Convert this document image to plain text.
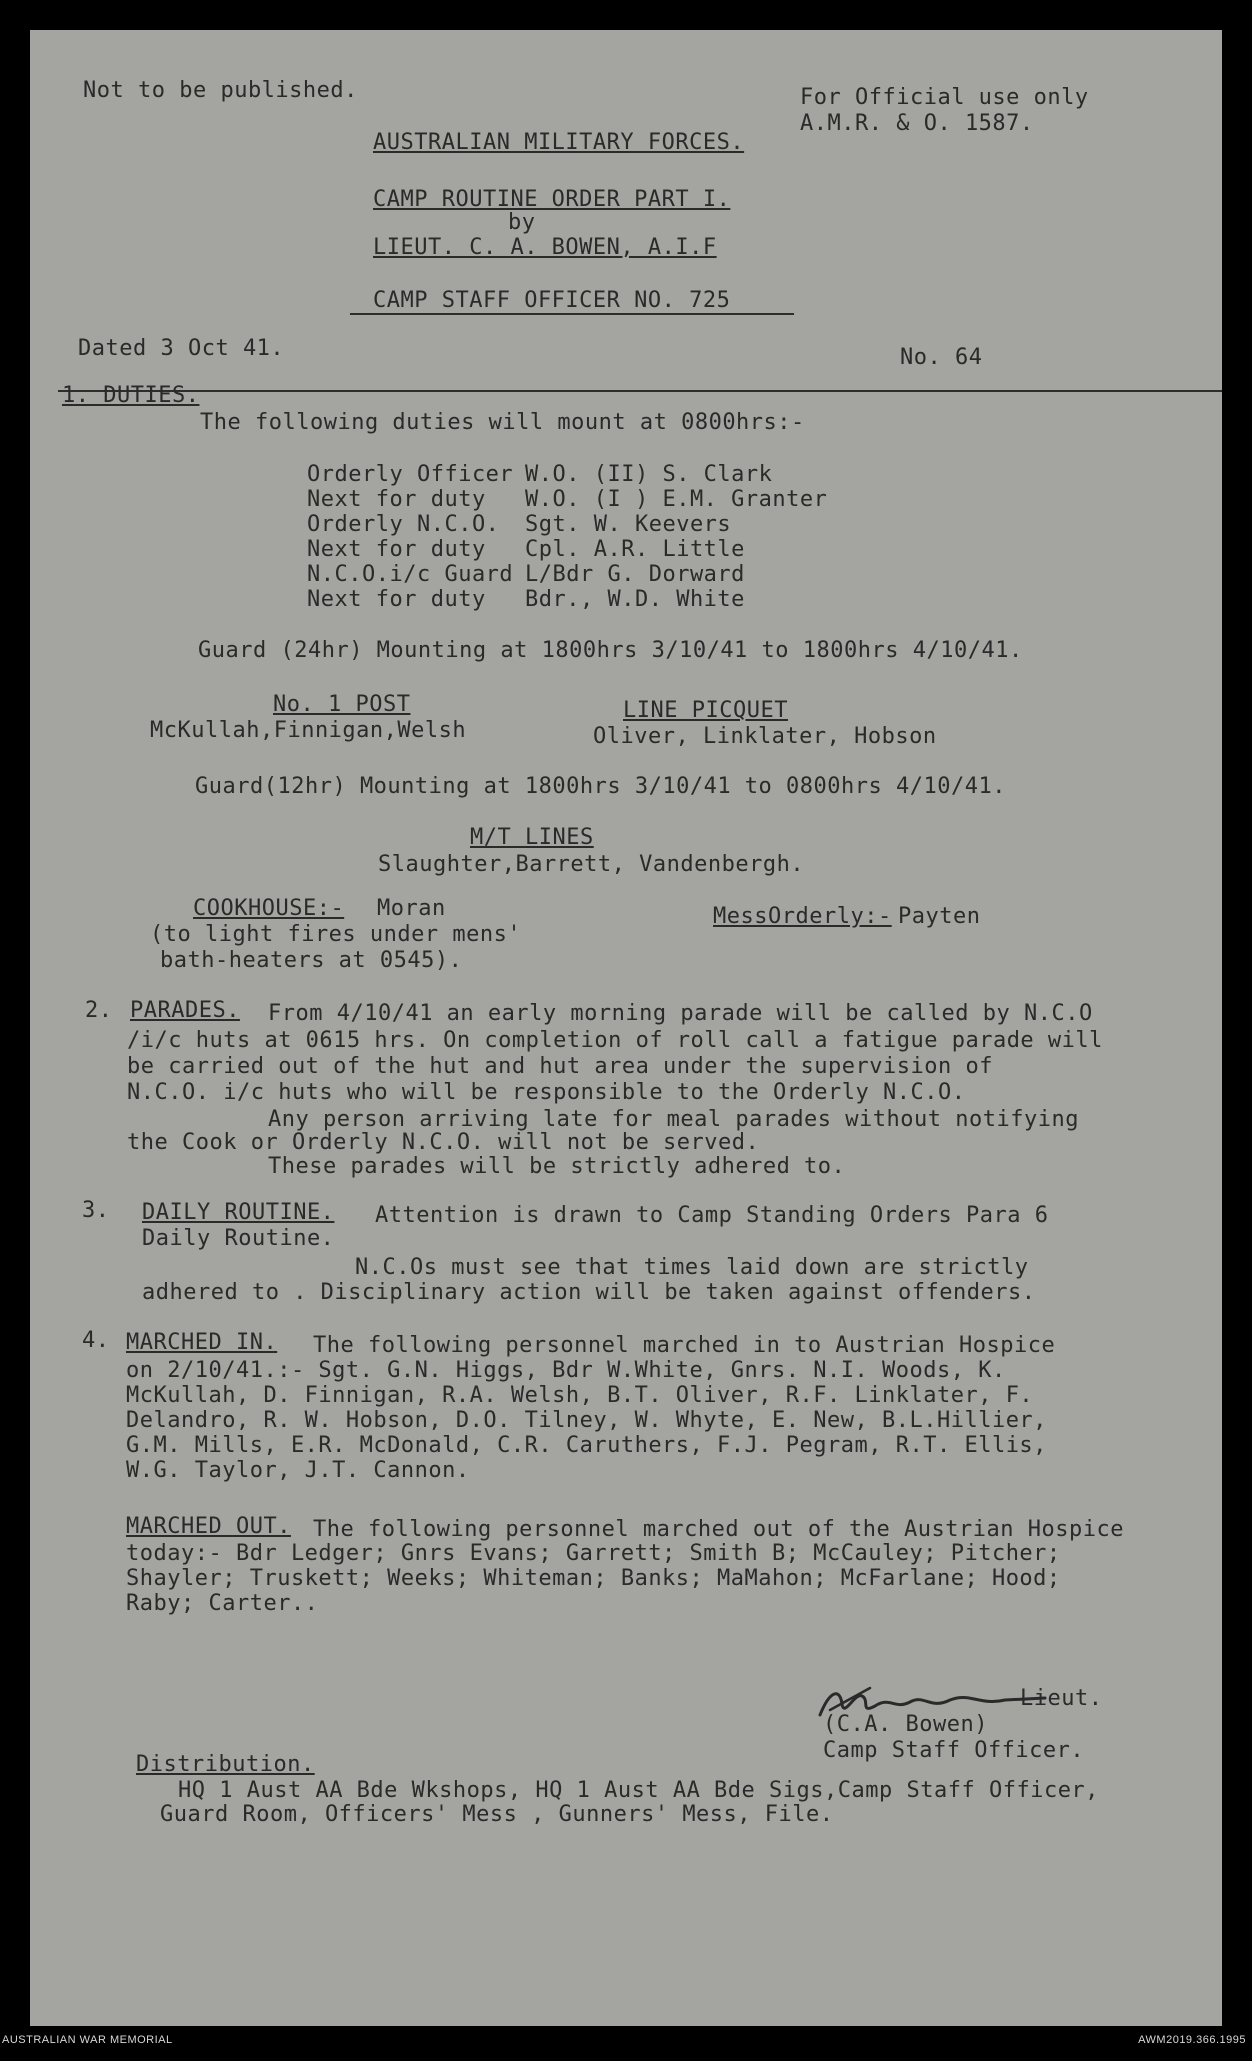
Not to be published.	For Official use only
A.M.R. & O. 1587.
AUSTRALIAN MILITARY FORCES.
CAMP ROUTINE ORDER PART I.
by
LIEUT. C. A. BOWEN, A.I.F
CAMP STAFF OFFICER NO. 725
Dated 3 Oct 41.	No. 64
1. DUTIES.
The following duties will mount at 0800hrs:-
Orderly Officer W.O. (II) S. Clark
Next for duty W.O. (I ) E.M. Granter
Orderly N.C.O. Sgt. W. Keevers
Next for duty Cpl. A.R. Little
N.C.O.i/c Guard L/Bdr G. Dorward
Next for duty Bdr., W.D. White
Guard (24hr) Mounting at 1800hrs 3/10/41 to 1800hrs 4/10/41.
No. 1 POST
McKullah,Finnigan,Welsh
LINE PICQUET
Oliver, Linklater, Hobson
Guard(12hr) Mounting at 1800hrs 3/10/41 to 0800hrs 4/10/41.
M/T LINES
Slaughter,Barrett, Vandenbergh.
COOKHOUSE:- Moran
(to light fires under mens'
bath-heaters at 0545).
MessOrderly:- Payten
2. PARADES. From 4/10/41 an early morning parade will be called by N.C.O
/i/c huts at 0615 hrs. On completion of roll call a fatigue parade will
be carried out of the hut and hut area under the supervision of
N.C.O. i/c huts who will be responsible to the Orderly N.C.O.
Any person arriving late for meal parades without notifying
the Cook or Orderly N.C.O. will not be served.
These parades will be strictly adhered to.
3. DAILY ROUTINE. Attention is drawn to Camp Standing Orders Para 6
Daily Routine.
N.C.Os must see that times laid down are strictly
adhered to . Disciplinary action will be taken against offenders.
4. MARCHED IN. The following personnel marched in to Austrian Hospice
on 2/10/41.:- Sgt. G.N. Higgs, Bdr W.White, Gnrs. N.I. Woods, K.
McKullah, D. Finnigan, R.A. Welsh, B.T. Oliver, R.F. Linklater, F.
Delandro, R. W. Hobson, D.O. Tilney, W. Whyte, E. New, B.L.Hillier,
G.M. Mills, E.R. McDonald, C.R. Caruthers, F.J. Pegram, R.T. Ellis,
W.G. Taylor, J.T. Cannon.
MARCHED OUT. The following personnel marched out of the Austrian Hospice
today:- Bdr Ledger; Gnrs Evans; Garrett; Smith B; McCauley; Pitcher;
Shayler; Truskett; Weeks; Whiteman; Banks; MaMahon; McFarlane; Hood;
Raby; Carter..
Lieut.
(C.A. Bowen)
Camp Staff Officer.
Distribution.
HQ 1 Aust AA Bde Wkshops, HQ 1 Aust AA Bde Sigs,Camp Staff Officer,
Guard Room, Officers' Mess , Gunners' Mess, File.
AUSTRALIAN WAR MEMORIAL	AWM2019.366.1995
